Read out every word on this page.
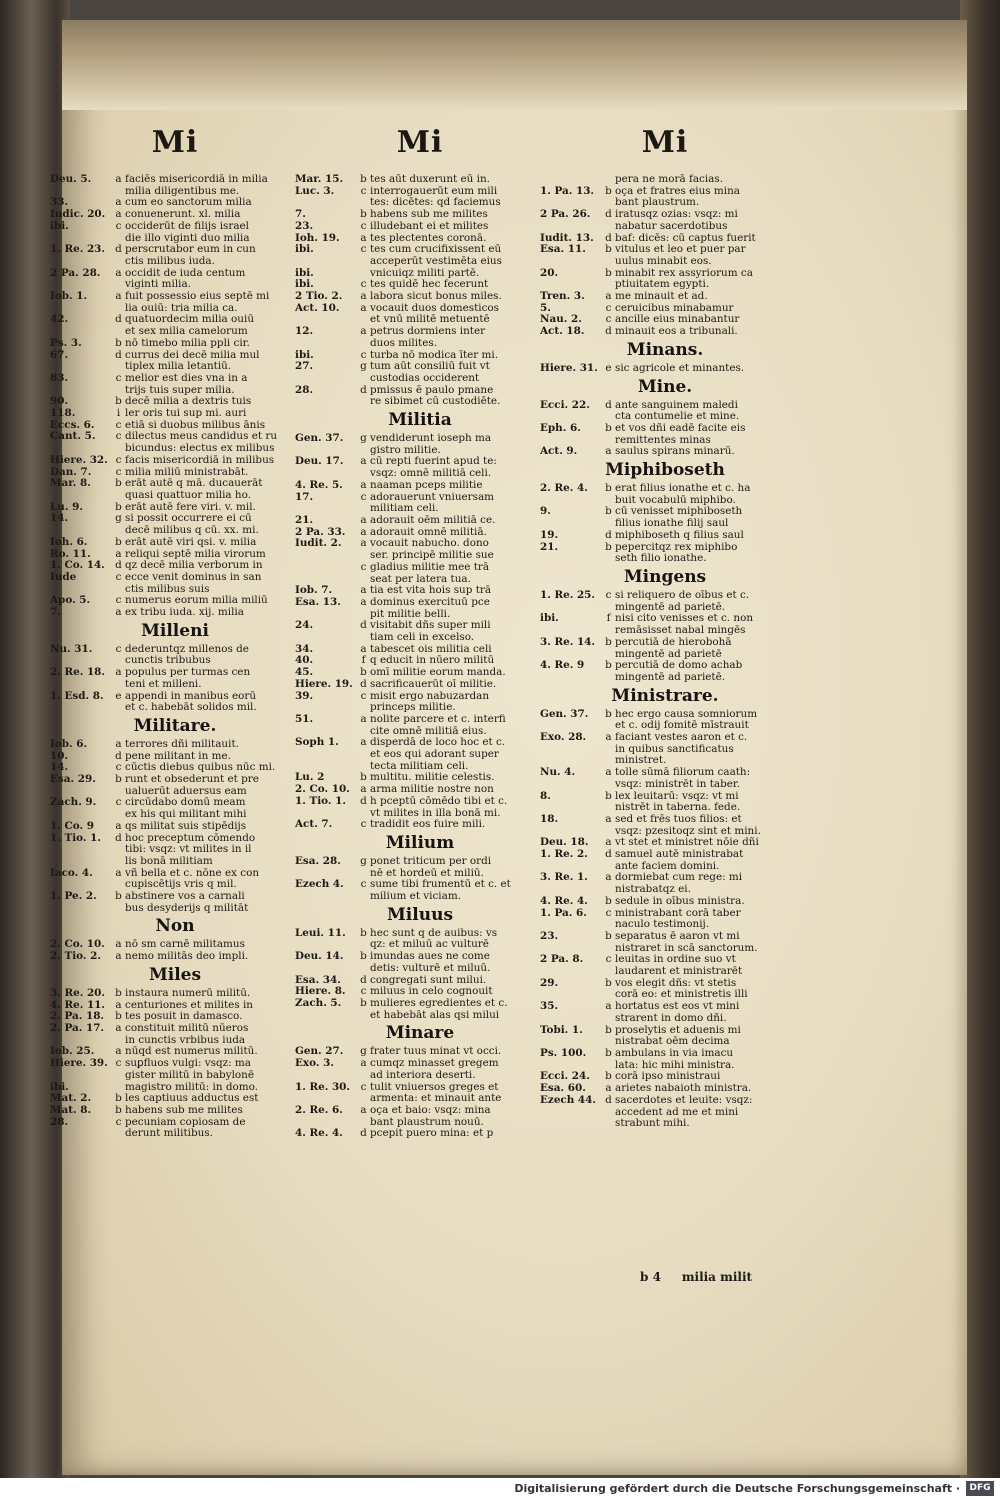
Mi
Deu. 5.	a faciēs misericordiā in milia
milia diligentibus me.
33.	a cum eo sanctorum milia
Iudic. 20. a conuenerunt. xl. milia
ibi.	c occiderūt de filijs israel
die illo viginti duo milia
1. Re. 23. d perscrutabor eum in cun
ctis milibus iuda.
2 Pa. 28.	a occidit de iuda centum
viginti milia.
Iob. 1.	a fuit possessio eius septē mi
lia ouiū: tria milia ca.
42.	d quatuordecim milia ouiū
et sex milia camelorum
Ps. 3.	b nō timebo milia ppli cir.
67.	d currus dei decē milia mul
tiplex milia letantiū.
83.	c melior est dies vna in a
trijs tuis super milia.
90.	b decē milia a dextris tuis
118.	i ler oris tui sup mi. auri
Eccs. 6.	c etiā si duobus milibus ānis
Cant. 5.	c dilectus meus candidus et ru
bicundus: electus ex milibus
Hiere. 32. c facis misericordiā in milibus
Dan. 7.	c milia miliū ministrabāt.
Mar. 8.	b erāt autē q mā. ducauerāt
quasi quattuor milia ho.
Lu. 9.	b erāt autē fere viri. v. mil.
14.	g si possit occurrere ei cū
decē milibus q cū. xx. mi.
Ioh. 6.	b erāt autē viri qsi. v. milia
Ro. 11.	a reliqui septē milia virorum
1. Co. 14. d qz decē milia verborum in
Iude	c ecce venit dominus in san
ctis milibus suis
Apo. 5.	c numerus eorum milia miliū
7.	a ex tribu iuda. xij. milia
Milleni
Nu. 31.	c dederuntqz millenos de
cunctis tribubus
2. Re. 18. a populus per turmas cen
teni et milleni.
1. Esd. 8.	e appendi in manibus eorū
et c. habebāt solidos mil.
Militare.
Iob. 6.	a terrores dñi militauit.
10.	d pene militant in me.
14.	c cūctis diebus quibus nūc mi.
Esa. 29.	b runt et obsederunt et pre
ualuerūt aduersus eam
Zach. 9.	c circūdabo domū meam
ex his qui militant mihi
1. Co. 9	a qs militat suis stipēdijs
1. Tio. 1.	d hoc preceptum cōmendo
tibi: vsqz: vt milites in il
lis bonā militiam
Iaco. 4.	a vñ bella et c. nōne ex con
cupiscētijs vris q mil.
1. Pe. 2.	b abstinere vos a carnali
bus desyderijs q militāt
Non
2. Co. 10.	a nō sm carnē militamus
2. Tio. 2.	a nemo militās deo impli.
Miles
3. Re. 20. b instaura numerū militū.
4. Re. 11. a centuriones et milites in
2. Pa. 18.	b tes posuit in damasco.
2. Pa. 17.	a constituit militū nūeros
in cunctis vrbibus iuda
Iob. 25.	a nūqd est numerus militū.
Hiere. 39. c suꝑfluos vulgi: vsqz: ma
gister militū in babylonē
ibi.	magistro militū: in domo.
Mat. 2.	b les captiuus adductus est
Mat. 8.	b habens sub me milites
28.	c pecuniam copiosam de
derunt militibus.
Mi
Mar. 15.	b tes aūt duxerunt eū in.
Luc. 3.	c interrogauerūt eum mili
tes: dicētes: qd faciemus
7.	b habens sub me milites
23.	c illudebant ei et milites
Ioh. 19.	a tes plectentes coronā.
ibi.	c tes cum crucifixissent eū
acceperūt vestimēta eius
ibi.	vnicuiqz militi partē.
ibi.	c tes quidē hec fecerunt
2 Tio. 2.	a labora sicut bonus miles.
Act. 10.	a vocauit duos domesticos
et vnū militē metuentē
12.	a petrus dormiens inter
duos milites.
ibi.	c turba nō modica īter mi.
27.	g tum aūt consiliū fuit vt
custodias occiderent
28.	d pmissus ē paulo pmane
re sibimet cū custodiēte.
Militia
Gen. 37.	g vendiderunt ioseph ma
gistro militie.
Deu. 17.	a cū repti fuerint apud te:
vsqz: omnē militiā celi.
4. Re. 5.	a naaman pceps militie
17.	c adorauerunt vniuersam
militiam celi.
21.	a adorauit oēm militiā ce.
2 Pa. 33.	a adorauit omnē militiā.
Iudit. 2.	a vocauit nabucho. dono
ser. principē militie sue
c gladius militie mee trā
seat per latera tua.
Iob. 7.	a tia est vita hois sup trā
Esa. 13.	a dominus exercituū pce
pit militie belli.
24.	d visitabit dñs super mili
tiam celi in excelso.
34.	a tabescet ois militia celi
40.	f q educit in nūero militū
45.	b omī militie eorum manda.
Hiere. 19. d sacrificauerūt oī militie.
39.	c misit ergo nabuzardan
princeps militie.
51.	a nolite parcere et c. interfi
cite omnē militiā eius.
Soph 1.	a disperdā de loco hoc et c.
et eos qui adorant super
tecta militiam celi.
Lu. 2	b multitu. militie celestis.
2. Co. 10.	a arma militie nostre non
1. Tio. 1.	d h pceptū cōmēdo tibi et c.
vt milites in illa bonā mi.
Act. 7.	c tradidit eos fuire mili.
Milium
Esa. 28.	g ponet triticum per ordi
nē et hordeū et miliū.
Ezech 4.	c sume tibi frumentū et c. et
milium et viciam.
Miluus
Leui. 11.	b hec sunt q de auibus: vs
qz: et miluū ac vulturē
Deu. 14.	b imundas aues ne come
detis: vulturē et miluū.
Esa. 34.	d congregati sunt milui.
Hiere. 8.	c miluus in celo cognouit
Zach. 5.	b mulieres egredientes et c.
et habebāt alas qsi milui
Minare
Gen. 27.	g frater tuus minat vt occi.
Exo. 3.	a cumqz minasset gregem
ad interiora deserti.
1. Re. 30.	c tulit vniuersos greges et
armenta: et minauit ante
2. Re. 6.	a oça et baio: vsqz: mina
bant plaustrum nouū.
4. Re. 4.	d pcepit puero mina: et p
Mi
pera ne morā facias.
1. Pa. 13.	b oça et fratres eius mina
bant plaustrum.
2 Pa. 26.	d iratusqz ozias: vsqz: mi
nabatur sacerdotibus
Iudit. 13.	d baf: dicēs: cū captus fuerit
Esa. 11.	b vitulus et leo et puer par
uulus minabit eos.
20.	b minabit rex assyriorum ca
ptiuitatem egypti.
Tren. 3.	a me minauit et ad.
5.	c ceruicibus minabamur
Nau. 2.	c ancille eius minabantur
Act. 18.	d minauit eos a tribunali.
Minans.
Hiere. 31. e sic agricole et minantes.
Mine.
Ecci. 22.	d ante sanguinem maledi
cta contumelie et mine.
Eph. 6.	b et vos dñi eadē facite eis
remittentes minas
Act. 9.	a saulus spirans minarū.
Miphiboseth
2. Re. 4.	b erat filius ionathe et c. ha
buit vocabulū miphibo.
9.	b cū venisset miphiboseth
filius ionathe filij saul
19.	d miphiboseth q filius saul
21.	b pepercitqz rex miphibo
seth filio ionathe.
Mingens
1. Re. 25.	c si reliquero de oībus et c.
mingentē ad parietē.
ibi.	f nisi cito venisses et c. non
remāsisset nabal mingēs
3. Re. 14. b percutiā de hierobohā
mingentē ad parietē
4. Re. 9	b percutiā de domo achab
mingentē ad parietē.
Ministrare.
Gen. 37.	b hec ergo causa somniorum
et c. odij fomitē mīstrauit
Exo. 28.	a faciant vestes aaron et c.
in quibus sanctificatus
ministret.
Nu. 4.	a tolle sūmā filiorum caath:
vsqz: ministrēt in taber.
8.	b lex leuitarū: vsqz: vt mi
nistrēt in taberna. fede.
18.	a sed et frēs tuos filios: et
vsqz: pzesitoqz sint et mini.
Deu. 18.	a vt stet et ministret nōie dñi
1. Re. 2.	d samuel autē ministrabat
ante faciem domini.
3. Re. 1.	a dormiebat cum rege: mi
nistrabatqz ei.
4. Re. 4.	b sedule in oībus ministra.
1. Pa. 6.	c ministrabant corā taber
naculo testimonij.
23.	b separatus ē aaron vt mi
nistraret in scā sanctorum.
2 Pa. 8.	c leuitas in ordine suo vt
laudarent et ministrarēt
29.	b vos elegit dñs: vt stetis
corā eo: et ministretis illi
35.	a hortatus est eos vt mini
strarent in domo dñi.
Tobi. 1.	b proselytis et aduenis mi
nistrabat oēm decima
Ps. 100.	b ambulans in via imacu
lata: hic mihi ministra.
Ecci. 24.	b corā ipso ministraui
Esa. 60.	a arietes nabaioth ministra.
Ezech 44. d sacerdotes et leuite: vsqz:
accedent ad me et mini
strabunt mihi.
b 4 milia milit
Digitalisierung gefördert durch die Deutsche Forschungsgemeinschaft ·	DFG
